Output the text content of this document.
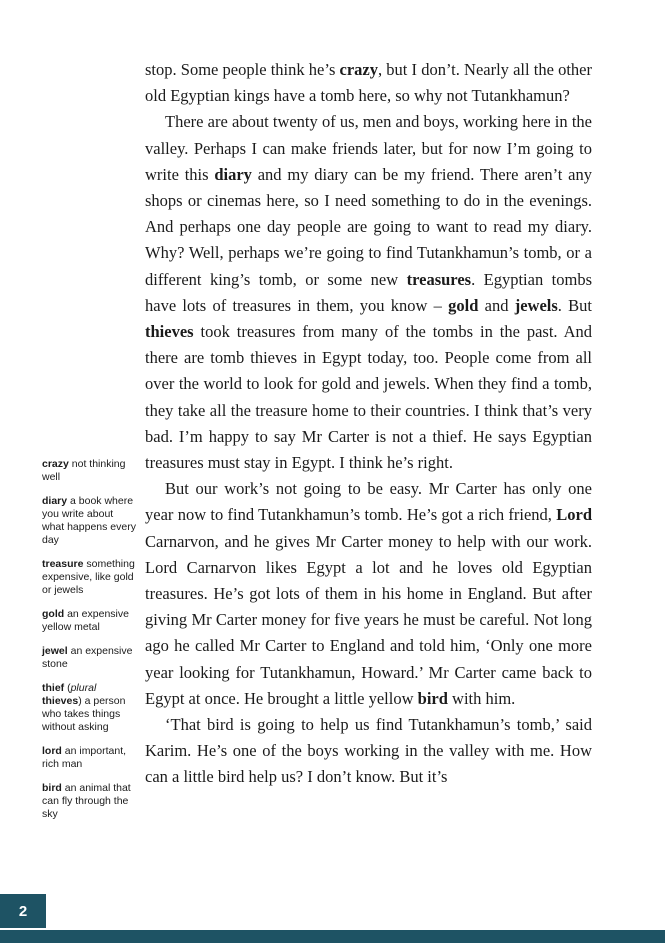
crazy not thinking well

diary a book where you write about what happens every day

treasure something expensive, like gold or jewels

gold an expensive yellow metal

jewel an expensive stone

thief (plural thieves) a person who takes things without asking

lord an important, rich man

bird an animal that can fly through the sky

stop. Some people think he’s crazy, but I don’t. Nearly all the other old Egyptian kings have a tomb here, so why not Tutankhamun?

There are about twenty of us, men and boys, working here in the valley. Perhaps I can make friends later, but for now I’m going to write this diary and my diary can be my friend. There aren’t any shops or cinemas here, so I need something to do in the evenings. And perhaps one day people are going to want to read my diary. Why? Well, perhaps we’re going to find Tutankhamun’s tomb, or a different king’s tomb, or some new treasures. Egyptian tombs have lots of treasures in them, you know – gold and jewels. But thieves took treasures from many of the tombs in the past. And there are tomb thieves in Egypt today, too. People come from all over the world to look for gold and jewels. When they find a tomb, they take all the treasure home to their countries. I think that’s very bad. I’m happy to say Mr Carter is not a thief. He says Egyptian treasures must stay in Egypt. I think he’s right.

But our work’s not going to be easy. Mr Carter has only one year now to find Tutankhamun’s tomb. He’s got a rich friend, Lord Carnarvon, and he gives Mr Carter money to help with our work. Lord Carnarvon likes Egypt a lot and he loves old Egyptian treasures. He’s got lots of them in his home in England. But after giving Mr Carter money for five years he must be careful. Not long ago he called Mr Carter to England and told him, ‘Only one more year looking for Tutankhamun, Howard.’ Mr Carter came back to Egypt at once. He brought a little yellow bird with him.

‘That bird is going to help us find Tutankhamun’s tomb,’ said Karim. He’s one of the boys working in the valley with me. How can a little bird help us? I don’t know. But it’s

2
